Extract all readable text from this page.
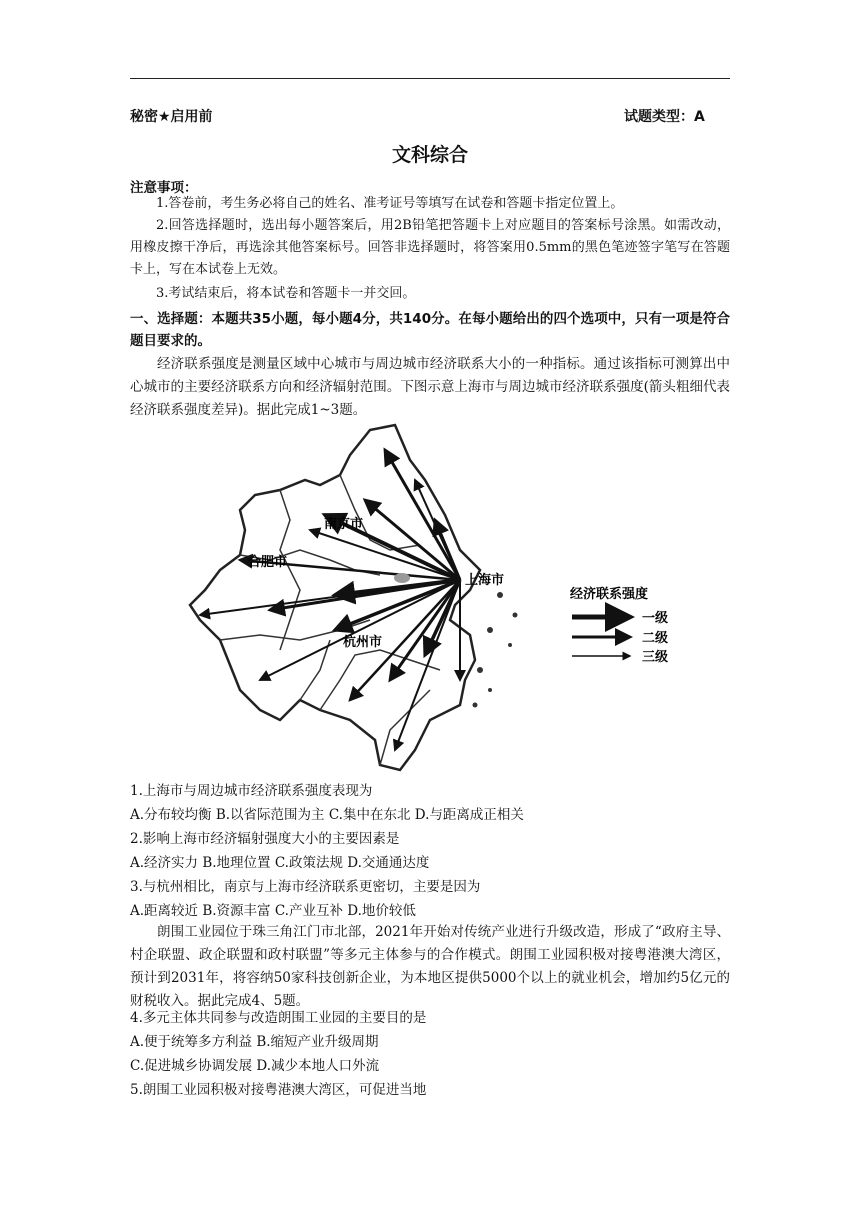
秘密★启用前	试题类型：A
文科综合
注意事项：

1.答卷前，考生务必将自己的姓名、准考证号等填写在试卷和答题卡指定位置上。

2.回答选择题时，选出每小题答案后，用2B铅笔把答题卡上对应题目的答案标号涂黑。如需改动，用橡皮擦干净后，再选涂其他答案标号。回答非选择题时，将答案用0.5mm的黑色笔迹签字笔写在答题卡上，写在本试卷上无效。

3.考试结束后，将本试卷和答题卡一并交回。

一、选择题：本题共35小题，每小题4分，共140分。在每小题给出的四个选项中，只有一项是符合题目要求的。

经济联系强度是测量区域中心城市与周边城市经济联系大小的一种指标。通过该指标可测算出中心城市的主要经济联系方向和经济辐射范围。下图示意上海市与周边城市经济联系强度(箭头粗细代表经济联系强度差异)。据此完成1~3题。

南京市
合肥市
上海市
杭州市
经济联系强度
一级
二级
三级

1.上海市与周边城市经济联系强度表现为

A.分布较均衡 B.以省际范围为主 C.集中在东北 D.与距离成正相关

2.影响上海市经济辐射强度大小的主要因素是

A.经济实力 B.地理位置 C.政策法规 D.交通通达度

3.与杭州相比，南京与上海市经济联系更密切，主要是因为

A.距离较近 B.资源丰富 C.产业互补 D.地价较低

朗围工业园位于珠三角江门市北部，2021年开始对传统产业进行升级改造，形成了“政府主导、村企联盟、政企联盟和政村联盟”等多元主体参与的合作模式。朗围工业园积极对接粤港澳大湾区，预计到2031年，将容纳50家科技创新企业，为本地区提供5000个以上的就业机会，增加约5亿元的财税收入。据此完成4、5题。

4.多元主体共同参与改造朗围工业园的主要目的是

A.便于统筹多方利益 B.缩短产业升级周期

C.促进城乡协调发展 D.减少本地人口外流

5.朗围工业园积极对接粤港澳大湾区，可促进当地
